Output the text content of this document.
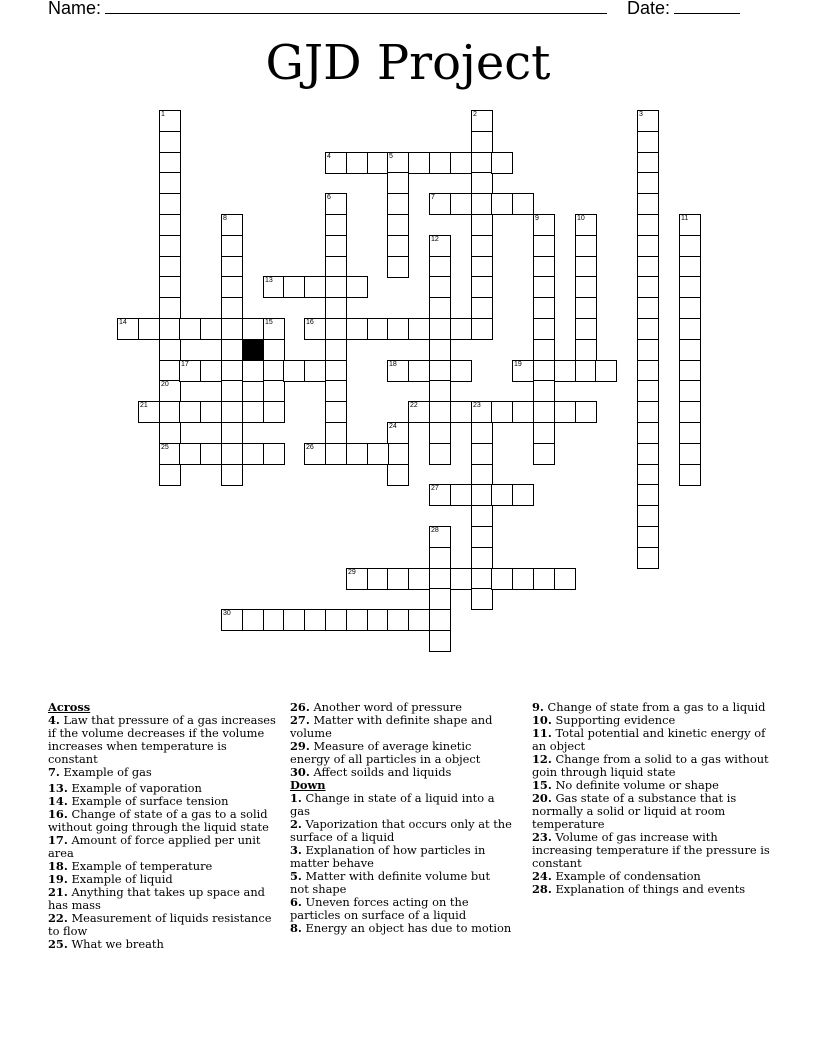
Name:	Date:
GJD Project
1
20
25
2	3
4	5
6	7
8	9	10	11
12
13
14	15	16
17	18	19
21	22	23
24
26
27
28
29
30
Across

4. Law that pressure of a gas increases if the volume decreases if the volume increases when temperature is constant

7. Example of gas

13. Example of vaporation

14. Example of surface tension

16. Change of state of a gas to a solid without going through the liquid state

17. Amount of force applied per unit area

18. Example of temperature

19. Example of liquid

21. Anything that takes up space and has mass

22. Measurement of liquids resistance to flow

25. What we breath

26. Another word of pressure

27. Matter with definite shape and volume

29. Measure of average kinetic energy of all particles in a object

30. Affect soilds and liquids

Down

1. Change in state of a liquid into a gas

2. Vaporization that occurs only at the surface of a liquid

3. Explanation of how particles in matter behave

5. Matter with definite volume but not shape

6. Uneven forces acting on the particles on surface of a liquid

8. Energy an object has due to motion

9. Change of state from a gas to a liquid

10. Supporting evidence

11. Total potential and kinetic energy of an object

12. Change from a solid to a gas without goin through liquid state

15. No definite volume or shape

20. Gas state of a substance that is normally a solid or liquid at room temperature

23. Volume of gas increase with increasing temperature if the pressure is constant

24. Example of condensation

28. Explanation of things and events
